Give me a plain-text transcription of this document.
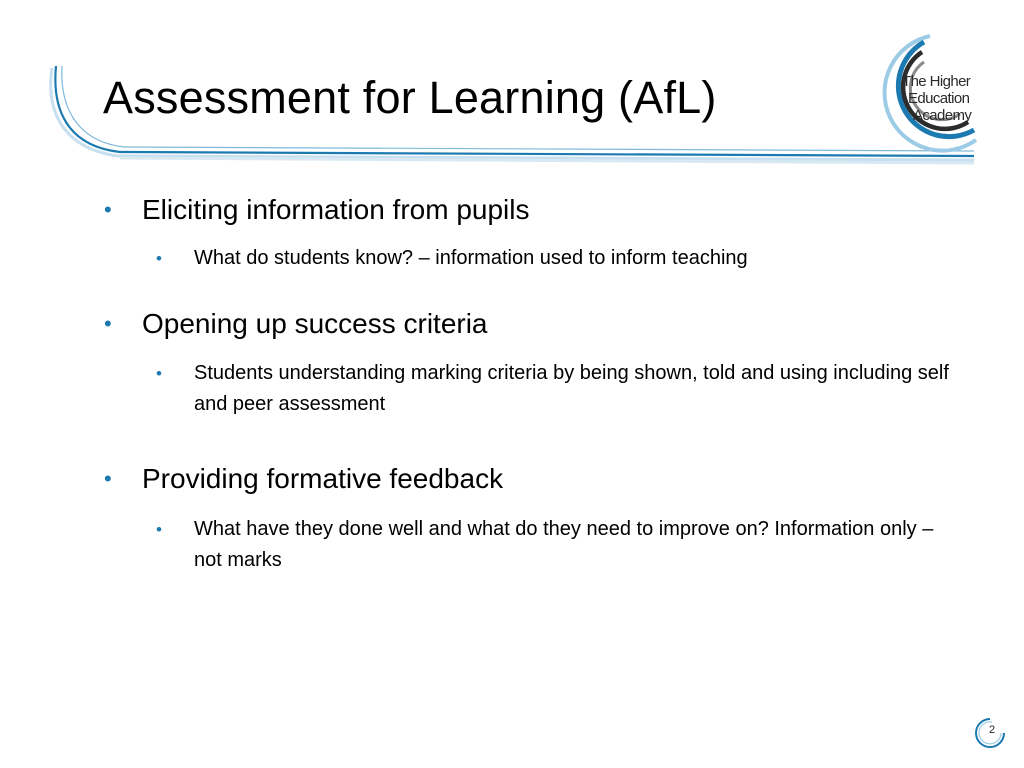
Assessment for Learning (AfL)	The Higher
Education
Academy
• Eliciting information from pupils
• What do students know? – information used to inform teaching
• Opening up success criteria
• Students understanding marking criteria by being shown, told and using including self and peer assessment
• Providing formative feedback
• What have they done well and what do they need to improve on? Information only – not marks
2
